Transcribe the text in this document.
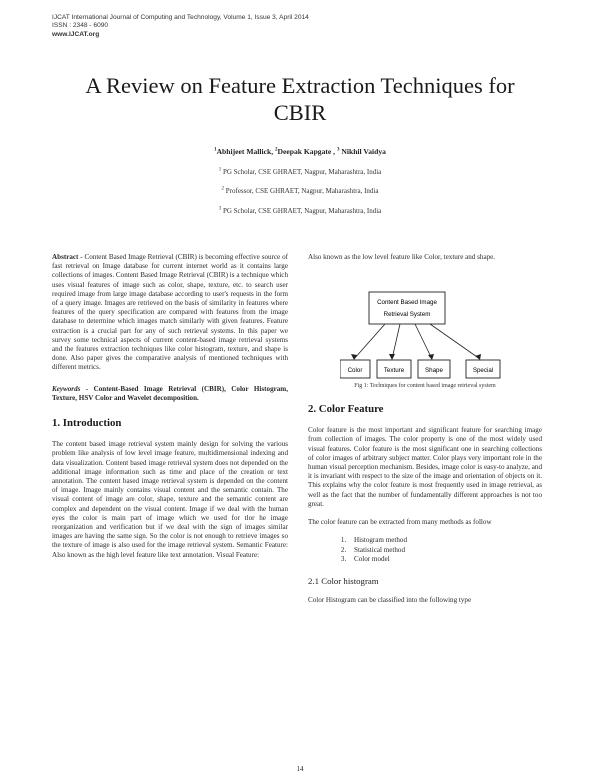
IJCAT International Journal of Computing and Technology, Volume 1, Issue 3, April 2014
ISSN : 2348 - 6090
www.IJCAT.org
A Review on Feature Extraction Techniques for
CBIR
$^1$Abhijeet Mallick, $^2$Deepak Kapgate , $^3$ Nikhil Vaidya
$^1$ PG Scholar, CSE GHRAET, Nagpur, Maharashtra, India
$^2$ Professor, CSE GHRAET, Nagpur, Maharashtra, India
$^3$ PG Scholar, CSE GHRAET, Nagpur, Maharashtra, India

Abstract - Content Based Image Retrieval (CBIR) is becoming effective source of fast retrieval on Image database for current internet world as it contains large collections of images. Content Based Image Retrieval (CBIR) is a technique which uses visual features of image such as color, shape, texture, etc. to search user required image from large image database according to user's requests in the form of a query image. Images are retrieved on the basis of similarity in features where features of the query specification are compared with features from the image database to determine which images match similarly with given features. Feature extraction is a crucial part for any of such retrieval systems. In this paper we survey some technical aspects of current content-based image retrieval systems and the features extraction techniques like color histogram, texture, and shape is done. Also paper gives the comparative analysis of mentioned techniques with different metrics.

Keywords - Content-Based Image Retrieval (CBIR), Color Histogram, Texture, HSV Color and Wavelet decomposition.

1. Introduction

The content based image retrieval system mainly design for solving the various problem like analysis of low level image feature, multidimensional indexing and data visualization. Content based image retrieval system does not depended on the additional image information such as time and place of the creation or text annotation. The content based image retrieval system is depended on the content of image. Image mainly contains visual content and the semantic contain. The visual content of image are color, shape, texture and the semantic content are complex and dependent on the visual content. Image if we deal with the human eyes the color is main part of image which we used for tlor he image reorganization and verification but if we deal with the sign of images similar images are having the same sign. So the color is not enough to retrieve images so the texture of image is also used for the image retrieval system. Semantic Feature: Also known as the high level feature like text annotation. Visual Feature:

Also known as the low level feature like Color, texture and shape.

Content Based Image
Retrieval System
Color	Texture	Shape	Special
Fig 1: Techniques for content based image retrieval system
2. Color Feature

Color feature is the most important and significant feature for searching image from collection of images. The color property is one of the most widely used visual features. Color feature is the most significant one in searching collections of color images of arbitrary subject matter. Color plays very important role in the human visual perception mechanism. Besides, image color is easy-to analyze, and it is invariant with respect to the size of the image and orientation of objects on it. This explains why the color feature is most frequently used in image retrieval, as well as the fact that the number of fundamentally different approaches is not too great.

The color feature can be extracted from many methods as follow

1. Histogram method
2. Statistical method
3. Color model
2.1 Color histogram

Color Histogram can be classified into the following type

14
